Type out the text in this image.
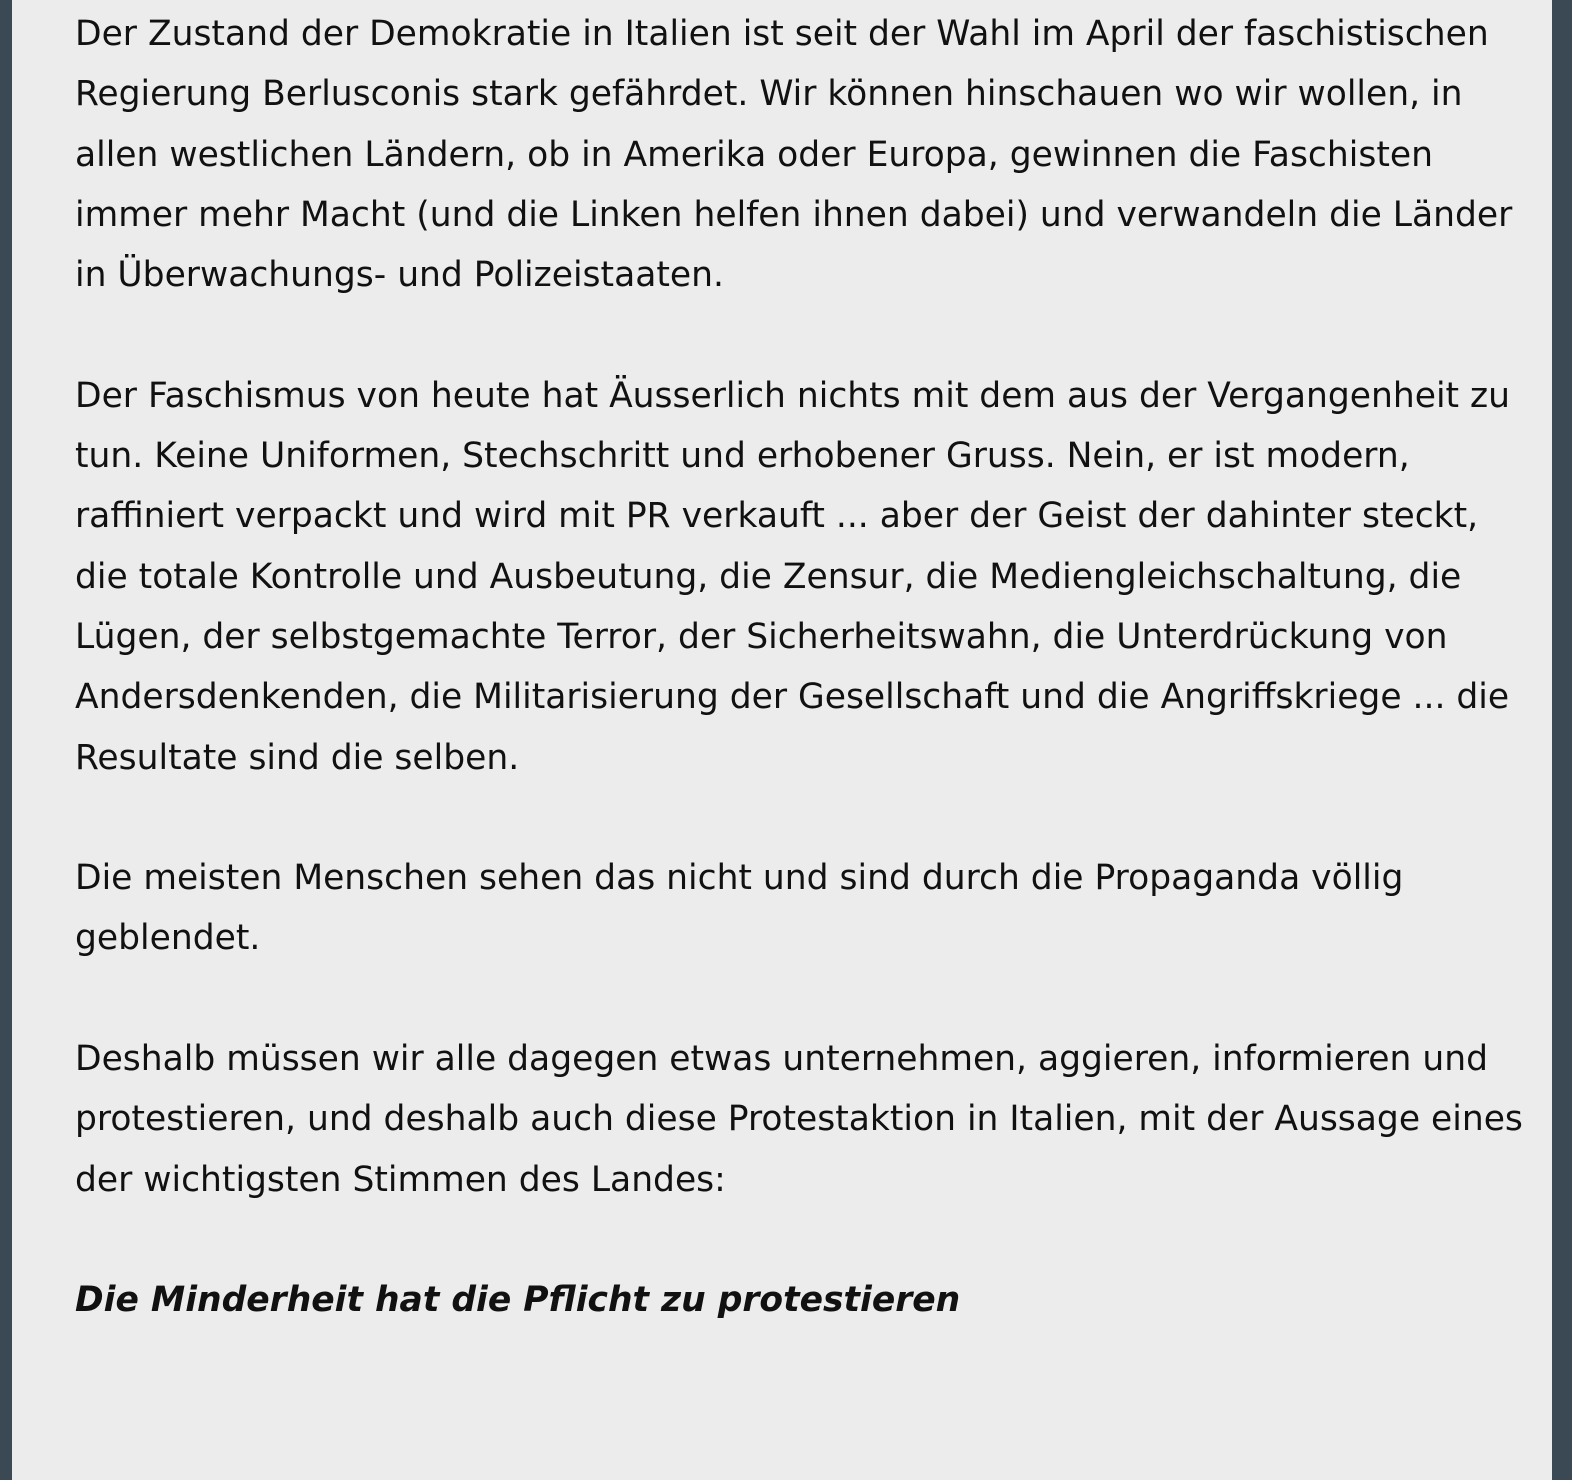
Der Zustand der Demokratie in Italien ist seit der Wahl im April der faschistischen Regierung Berlusconis stark gefährdet. Wir können hinschauen wo wir wollen, in allen westlichen Ländern, ob in Amerika oder Europa, gewinnen die Faschisten immer mehr Macht (und die Linken helfen ihnen dabei) und verwandeln die Länder in Überwachungs- und Polizeistaaten.

Der Faschismus von heute hat Äusserlich nichts mit dem aus der Vergangenheit zu tun. Keine Uniformen, Stechschritt und erhobener Gruss. Nein, er ist modern, raffiniert verpackt und wird mit PR verkauft ... aber der Geist der dahinter steckt, die totale Kontrolle und Ausbeutung, die Zensur, die Mediengleichschaltung, die Lügen, der selbstgemachte Terror, der Sicherheitswahn, die Unterdrückung von Andersdenkenden, die Militarisierung der Gesellschaft und die Angriffskriege ... die Resultate sind die selben.

Die meisten Menschen sehen das nicht und sind durch die Propaganda völlig geblendet.

Deshalb müssen wir alle dagegen etwas unternehmen, aggieren, informieren und protestieren, und deshalb auch diese Protestaktion in Italien, mit der Aussage eines der wichtigsten Stimmen des Landes:

Die Minderheit hat die Pflicht zu protestieren
